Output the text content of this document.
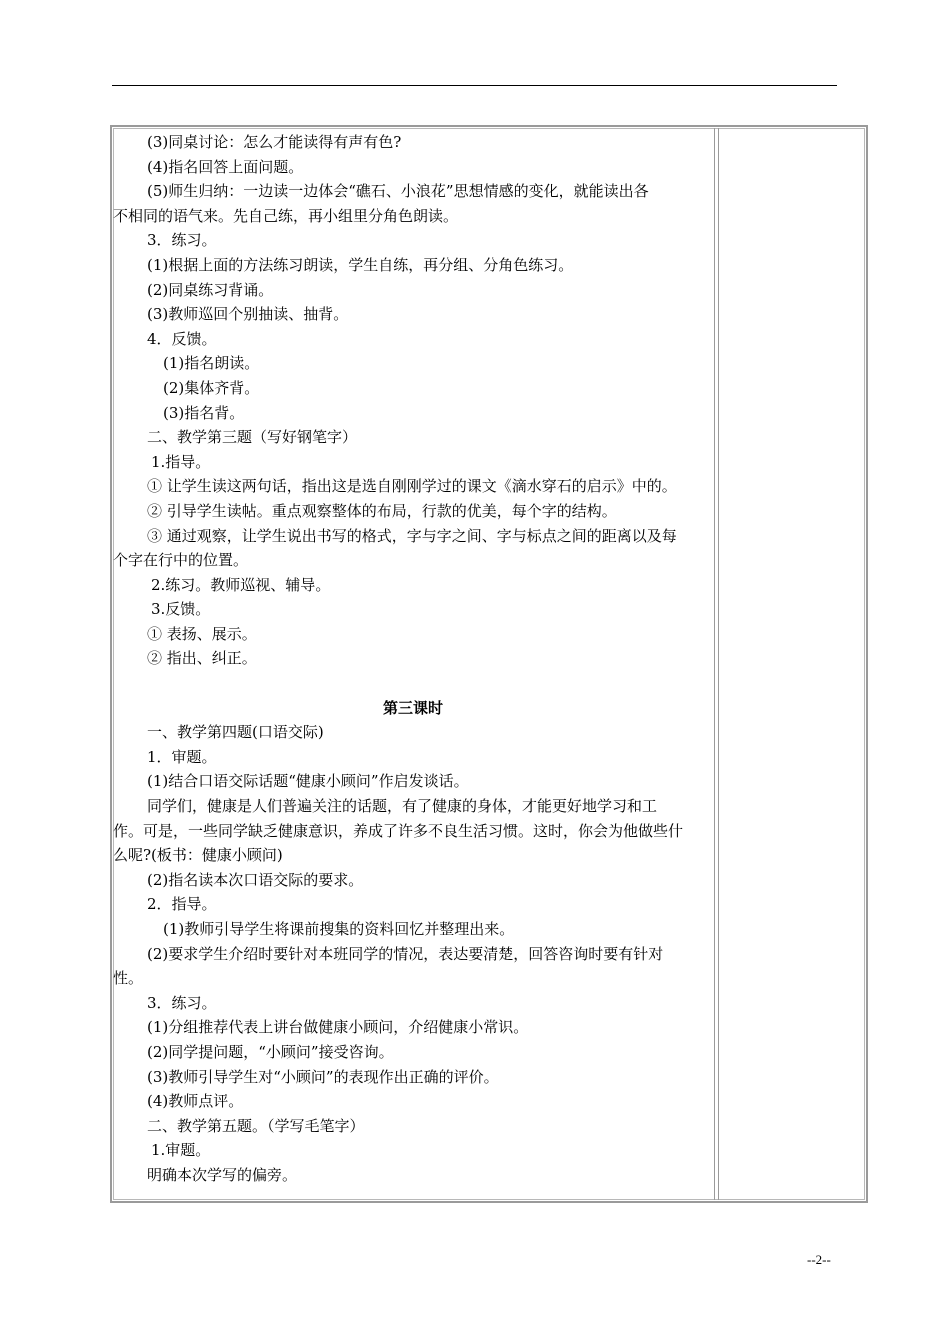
(3)同桌讨论：怎么才能读得有声有色?

(4)指名回答上面问题。

(5)师生归纳：一边读一边体会“礁石、小浪花”思想情感的变化，就能读出各

不相同的语气来。先自己练，再小组里分角色朗读。

3．练习。

(1)根据上面的方法练习朗读，学生自练，再分组、分角色练习。

(2)同桌练习背诵。

(3)教师巡回个别抽读、抽背。

4．反馈。

(1)指名朗读。

(2)集体齐背。

(3)指名背。

二、教学第三题（写好钢笔字）

1.指导。

① 让学生读这两句话，指出这是选自刚刚学过的课文《滴水穿石的启示》中的。

② 引导学生读帖。重点观察整体的布局，行款的优美，每个字的结构。

③ 通过观察，让学生说出书写的格式，字与字之间、字与标点之间的距离以及每

个字在行中的位置。

2.练习。教师巡视、辅导。

3.反馈。

① 表扬、展示。

② 指出、纠正。

第三课时

一、教学第四题(口语交际)

1．审题。

(1)结合口语交际话题“健康小顾问”作启发谈话。

同学们，健康是人们普遍关注的话题，有了健康的身体，才能更好地学习和工

作。可是，一些同学缺乏健康意识，养成了许多不良生活习惯。这时，你会为他做些什

么呢?(板书：健康小顾问)

(2)指名读本次口语交际的要求。

2．指导。

(1)教师引导学生将课前搜集的资料回忆并整理出来。

(2)要求学生介绍时要针对本班同学的情况，表达要清楚，回答咨询时要有针对

性。

3．练习。

(1)分组推荐代表上讲台做健康小顾问，介绍健康小常识。

(2)同学提问题，“小顾问”接受咨询。

(3)教师引导学生对“小顾问”的表现作出正确的评价。

(4)教师点评。

二、教学第五题。（学写毛笔字）

1.审题。

明确本次学写的偏旁。

--2--
